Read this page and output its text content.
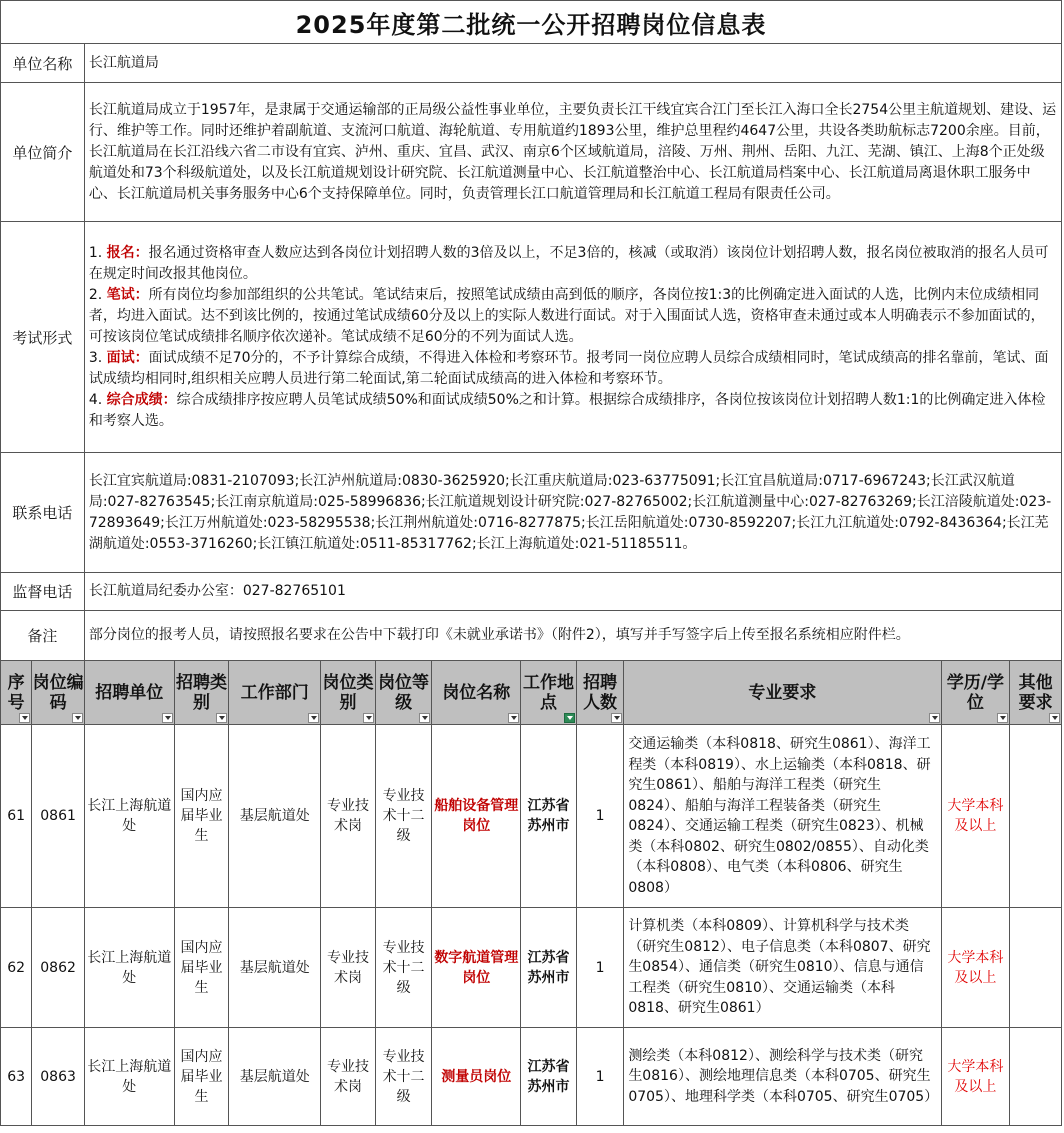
2025年度第二批统一公开招聘岗位信息表												
单位名称		长江航道局										
单位简介		长江航道局成立于1957年，是隶属于交通运输部的正局级公益性事业单位，主要负责长江干线宜宾合江门至长江入海口全长2754公里主航道规划、建设、运行、维护等工作。同时还维护着副航道、支流河口航道、海轮航道、专用航道约1893公里，维护总里程约4647公里，共设各类助航标志7200余座。目前，长江航道局在长江沿线六省二市设有宜宾、泸州、重庆、宜昌、武汉、南京6个区域航道局，涪陵、万州、荆州、岳阳、九江、芜湖、镇江、上海8个正处级航道处和73个科级航道处，以及长江航道规划设计研究院、长江航道测量中心、长江航道整治中心、长江航道局档案中心、长江航道局离退休职工服务中心、长江航道局机关事务服务中心6个支持保障单位。同时，负责管理长江口航道管理局和长江航道工程局有限责任公司。										
考试形式		1. 报名：报名通过资格审查人数应达到各岗位计划招聘人数的3倍及以上，不足3倍的，核减（或取消）该岗位计划招聘人数，报名岗位被取消的报名人员可在规定时间改报其他岗位。

2. 笔试：所有岗位均参加部组织的公共笔试。笔试结束后，按照笔试成绩由高到低的顺序，各岗位按1:3的比例确定进入面试的人选，比例内末位成绩相同者，均进入面试。达不到该比例的，按通过笔试成绩60分及以上的实际人数进行面试。对于入围面试人选，资格审查未通过或本人明确表示不参加面试的，可按该岗位笔试成绩排名顺序依次递补。笔试成绩不足60分的不列为面试人选。

3. 面试：面试成绩不足70分的，不予计算综合成绩，不得进入体检和考察环节。报考同一岗位应聘人员综合成绩相同时，笔试成绩高的排名靠前，笔试、面试成绩均相同时,组织相关应聘人员进行第二轮面试,第二轮面试成绩高的进入体检和考察环节。

4. 综合成绩：综合成绩排序按应聘人员笔试成绩50%和面试成绩50%之和计算。根据综合成绩排序，各岗位按该岗位计划招聘人数1:1的比例确定进入体检和考察人选。										

联系电话		长江宜宾航道局:0831-2107093;长江泸州航道局:0830-3625920;长江重庆航道局:023-63775091;长江宜昌航道局:0717-6967243;长江武汉航道局:027-82763545;长江南京航道局:025-58996836;长江航道规划设计研究院:027-82765002;长江航道测量中心:027-82763269;长江涪陵航道处:023-72893649;长江万州航道处:023-58295538;长江荆州航道处:0716-8277875;长江岳阳航道处:0730-8592207;长江九江航道处:0792-8436364;长江芜湖航道处:0553-3716260;长江镇江航道处:0511-85317762;长江上海航道处:021-51185511。										
监督电话		长江航道局纪委办公室：027-82765101										
备注		部分岗位的报考人员，请按照报名要求在公告中下载打印《未就业承诺书》（附件2），填写并手写签字后上传至报名系统相应附件栏。										
序号	岗位编码	招聘单位	招聘类别	工作部门	岗位类别	岗位等级	岗位名称	工作地点	招聘人数	专业要求	学历/学位	其他要求

61	0861	长江上海航道处	国内应届毕业生	基层航道处	专业技术岗	专业技术十二级	船舶设备管理岗位	江苏省苏州市	1	交通运输类（本科0818、研究生0861）、海洋工程类（本科0819）、水上运输类（本科0818、研究生0861）、船舶与海洋工程类（研究生0824）、船舶与海洋工程装备类（研究生0824）、交通运输工程类（研究生0823）、机械类（本科0802、研究生0802/0855）、自动化类（本科0808）、电气类（本科0806、研究生0808）	大学本科及以上	
62	0862	长江上海航道处	国内应届毕业生	基层航道处	专业技术岗	专业技术十二级	数字航道管理岗位	江苏省苏州市	1	计算机类（本科0809）、计算机科学与技术类（研究生0812）、电子信息类（本科0807、研究生0854）、通信类（研究生0810）、信息与通信工程类（研究生0810）、交通运输类（本科0818、研究生0861）	大学本科及以上	
63	0863	长江上海航道处	国内应届毕业生	基层航道处	专业技术岗	专业技术十二级	测量员岗位	江苏省苏州市	1	测绘类（本科0812）、测绘科学与技术类（研究生0816）、测绘地理信息类（本科0705、研究生0705）、地理科学类（本科0705、研究生0705）	大学本科及以上	
